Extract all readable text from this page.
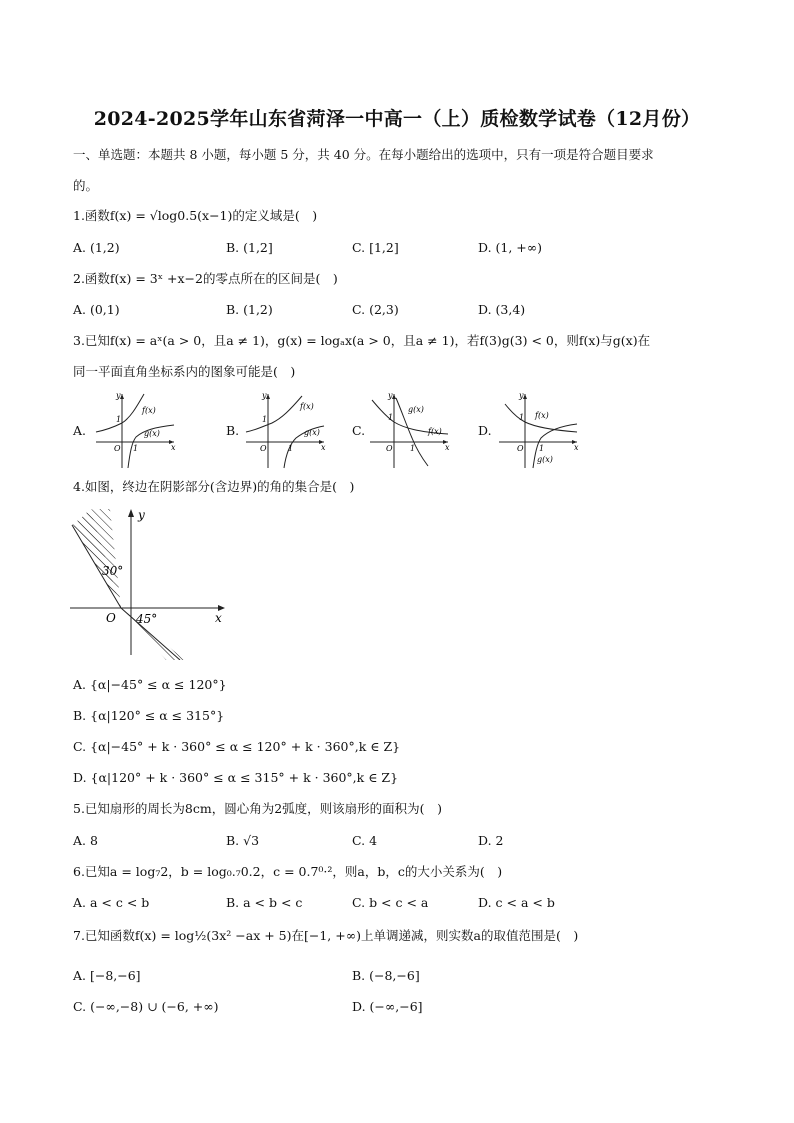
2024-2025学年山东省菏泽一中高一（上）质检数学试卷（12月份）
一、单选题：本题共 8 小题，每小题 5 分，共 40 分。在每小题给出的选项中，只有一项是符合题目要求
的。
1.函数f(x) = √log0.5(x−1)的定义域是(　)
A. (1,2)	B. (1,2]	C. [1,2]	D. (1, +∞)
2.函数f(x) = 3ˣ +x−2的零点所在的区间是(　)
A. (0,1)	B. (1,2)	C. (2,3)	D. (3,4)
3.已知f(x) = aˣ(a > 0，且a ≠ 1)，g(x) = logₐx(a > 0，且a ≠ 1)，若f(3)g(3) < 0，则f(x)与g(x)在
同一平面直角坐标系内的图象可能是(　)
A.	B.	C.	D.
y
x
O
1
1
f(x)
g(x)
y
x
O
1
1
f(x)
g(x)
y
x
O
1
1
f(x)
g(x)
y
x
O
1
1
f(x)
g(x)
4.如图，终边在阴影部分(含边界)的角的集合是(　)
y
x
O
30°
45°
A. {α|−45° ≤ α ≤ 120°}
B. {α|120° ≤ α ≤ 315°}
C. {α|−45° + k · 360° ≤ α ≤ 120° + k · 360°,k ∈ Z}
D. {α|120° + k · 360° ≤ α ≤ 315° + k · 360°,k ∈ Z}
5.已知扇形的周长为8cm，圆心角为2弧度，则该扇形的面积为(　)
A. 8	B. √3	C. 4	D. 2
6.已知a = log₇2，b = log₀.₇0.2，c = 0.7⁰·²，则a，b，c的大小关系为(　)
A. a < c < b	B. a < b < c	C. b < c < a	D. c < a < b
7.已知函数f(x) = log½(3x² −ax + 5)在[−1, +∞)上单调递减，则实数a的取值范围是(　)
A. [−8,−6]	B. (−8,−6]
C. (−∞,−8) ∪ (−6, +∞)	D. (−∞,−6]
